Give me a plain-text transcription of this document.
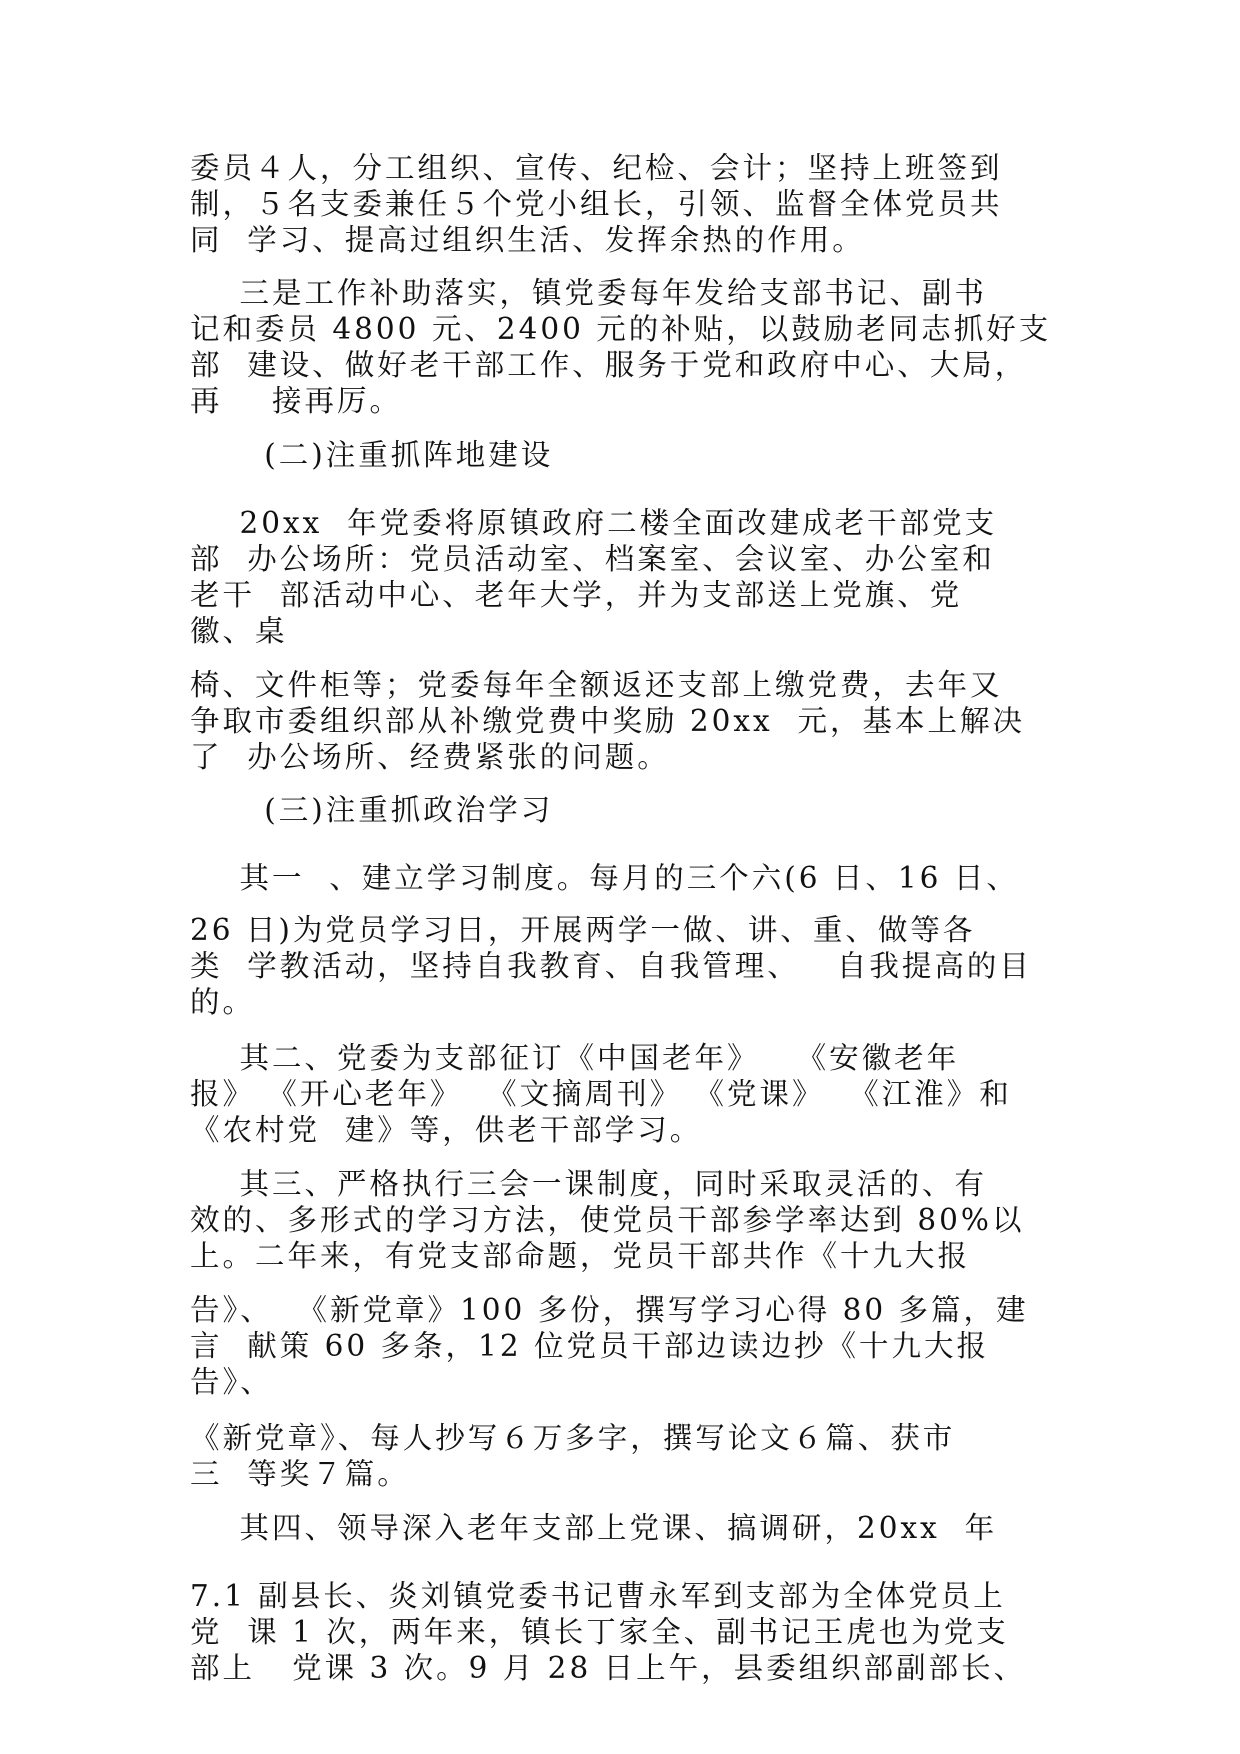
委员４人，分工组织、宣传、纪检、会计；坚持上班签到
制，５名支委兼任５个党小组长，引领、监督全体党员共
同  学习、提高过组织生活、发挥余热的作用。
三是工作补助落实，镇党委每年发给支部书记、副书
记和委员 4800 元、2400 元的补贴，以鼓励老同志抓好支
部  建设、做好老干部工作、服务于党和政府中心、大局，
再    接再厉。
(二)注重抓阵地建设
20xx  年党委将原镇政府二楼全面改建成老干部党支
部  办公场所：党员活动室、档案室、会议室、办公室和
老干  部活动中心、老年大学，并为支部送上党旗、党
徽、桌
椅、文件柜等；党委每年全额返还支部上缴党费，去年又
争取市委组织部从补缴党费中奖励 20xx  元，基本上解决
了  办公场所、经费紧张的问题。
(三)注重抓政治学习
其一  、建立学习制度。每月的三个六(6 日、16 日、
26 日)为党员学习日，开展两学一做、讲、重、做等各
类  学教活动，坚持自我教育、自我管理、   自我提高的目
的。
其二、党委为支部征订《中国老年》   《安徽老年
报》 《开心老年》  《文摘周刊》 《党课》  《江淮》和
《农村党  建》等，供老干部学习。
其三、严格执行三会一课制度，同时采取灵活的、有
效的、多形式的学习方法，使党员干部参学率达到 80%以
上。二年来，有党支部命题，党员干部共作《十九大报
告》、  《新党章》100 多份，撰写学习心得 80 多篇，建
言  献策 60 多条，12 位党员干部边读边抄《十九大报
告》、
《新党章》、每人抄写６万多字，撰写论文６篇、获市
三  等奖７篇。
其四、领导深入老年支部上党课、搞调研，20xx  年
7.1 副县长、炎刘镇党委书记曹永军到支部为全体党员上
党  课 1 次，两年来，镇长丁家全、副书记王虎也为党支
部上   党课 3 次。9 月 28 日上午，县委组织部副部长、
